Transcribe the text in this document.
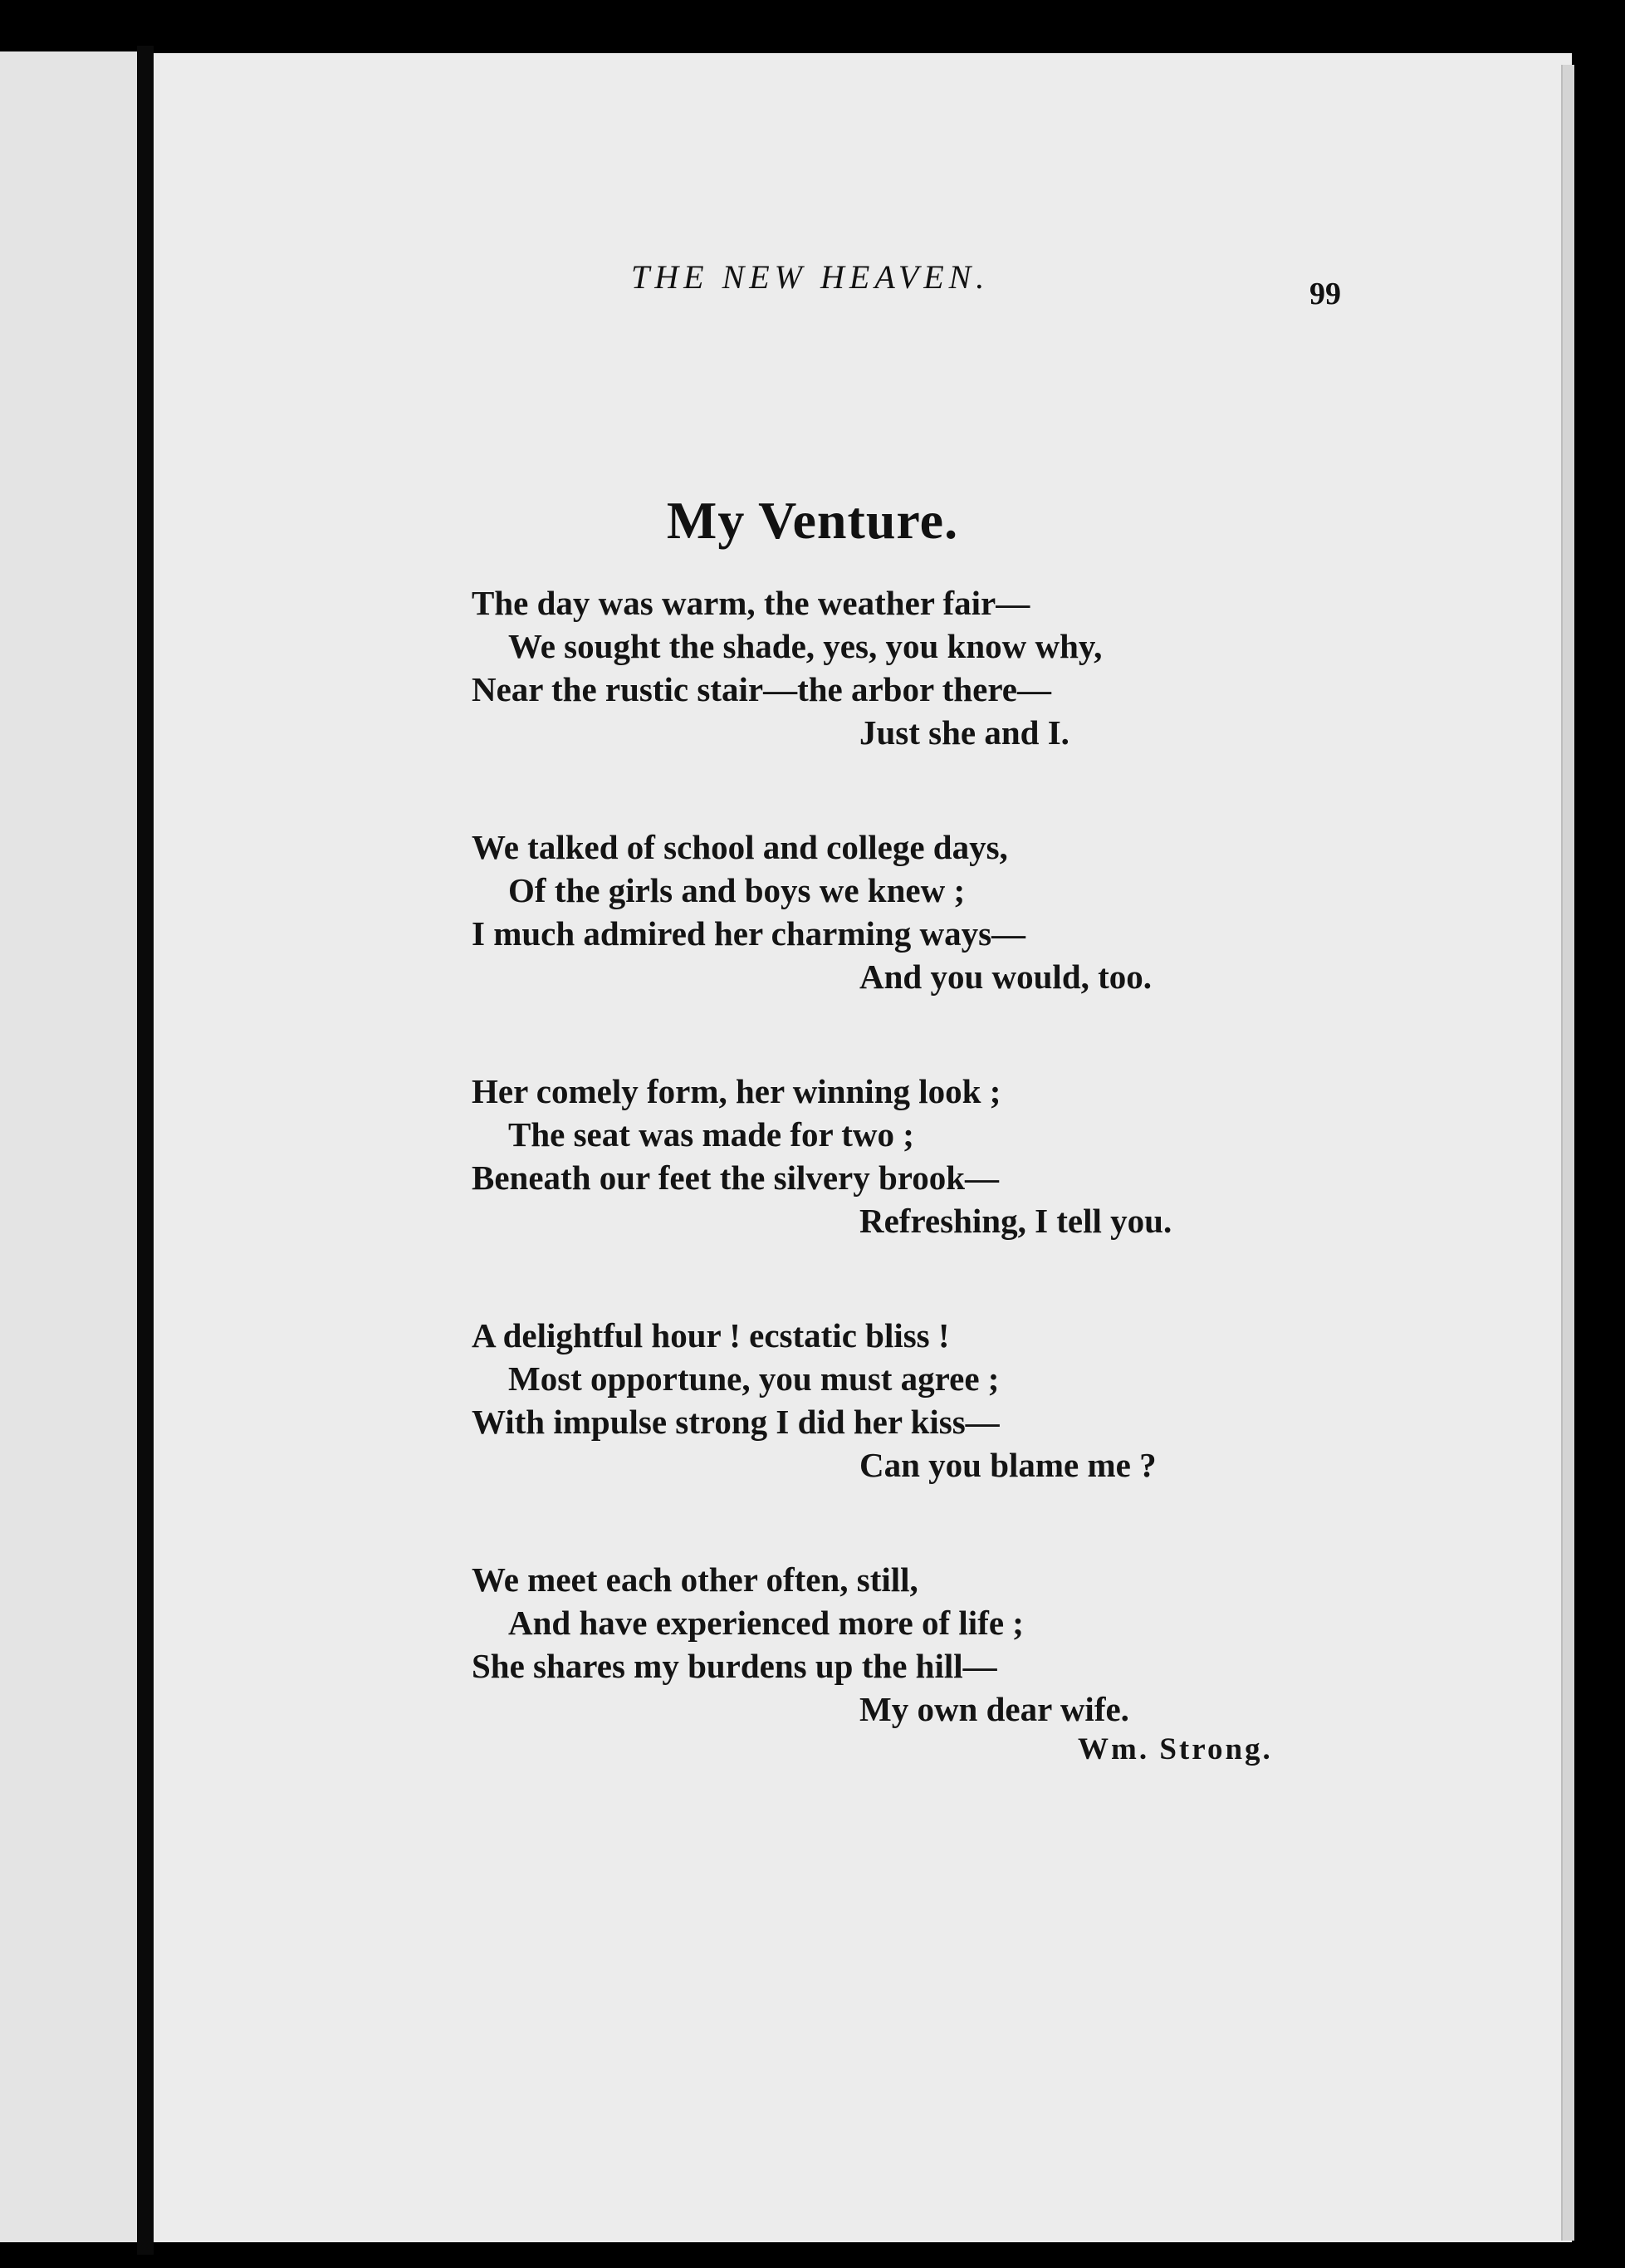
THE NEW HEAVEN.	99
My Venture.
The day was warm, the weather fair—
We sought the shade, yes, you know why,
Near the rustic stair—the arbor there—
Just she and I.
We talked of school and college days,
Of the girls and boys we knew ;
I much admired her charming ways—
And you would, too.
Her comely form, her winning look ;
The seat was made for two ;
Beneath our feet the silvery brook—
Refreshing, I tell you.
A delightful hour ! ecstatic bliss !
Most opportune, you must agree ;
With impulse strong I did her kiss—
Can you blame me ?
We meet each other often, still,
And have experienced more of life ;
She shares my burdens up the hill—
My own dear wife.
Wm. Strong.
